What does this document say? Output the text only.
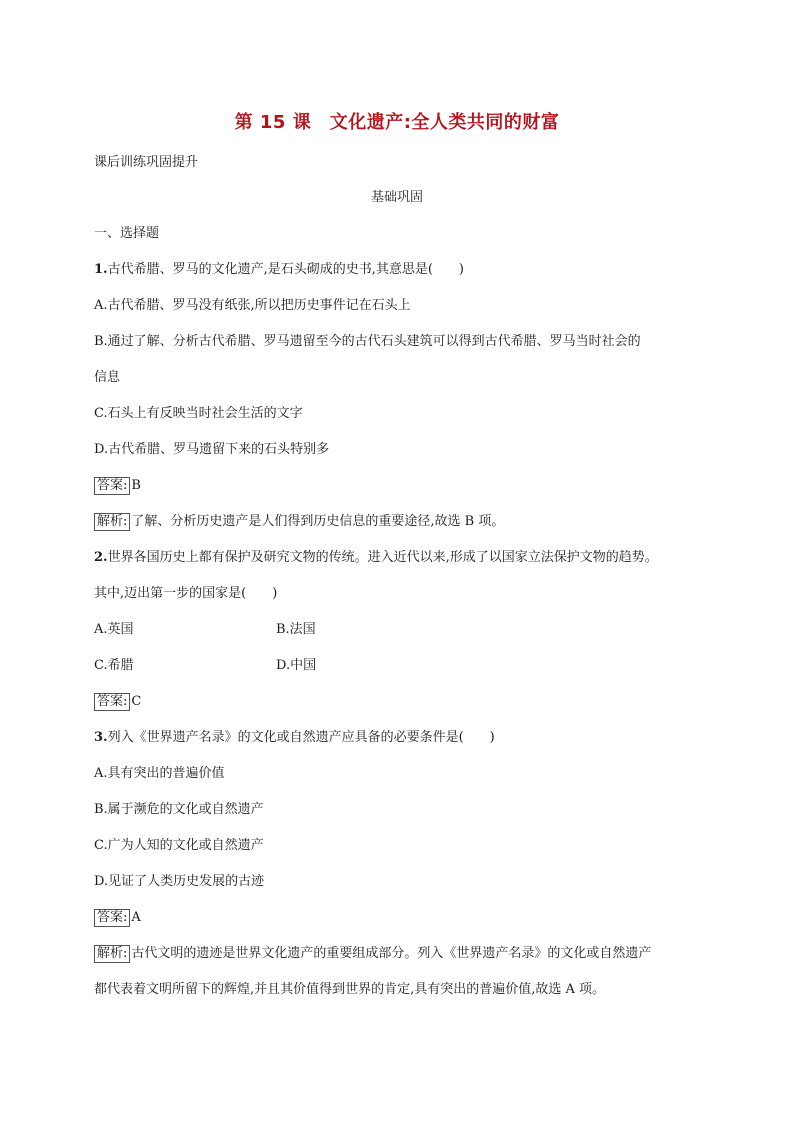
第 15 课　文化遗产:全人类共同的财富
课后训练巩固提升
基础巩固
一、选择题
1.古代希腊、罗马的文化遗产,是石头砌成的史书,其意思是(　　)
A.古代希腊、罗马没有纸张,所以把历史事件记在石头上
B.通过了解、分析古代希腊、罗马遗留至今的古代石头建筑可以得到古代希腊、罗马当时社会的
信息
C.石头上有反映当时社会生活的文字
D.古代希腊、罗马遗留下来的石头特别多
答案: B
解析: 了解、分析历史遗产是人们得到历史信息的重要途径,故选 B 项。
2.世界各国历史上都有保护及研究文物的传统。进入近代以来,形成了以国家立法保护文物的趋势。
其中,迈出第一步的国家是(　　)
A.英国	B.法国
C.希腊	D.中国
答案: C
3.列入《世界遗产名录》的文化或自然遗产应具备的必要条件是(　　)
A.具有突出的普遍价值
B.属于濒危的文化或自然遗产
C.广为人知的文化或自然遗产
D.见证了人类历史发展的古迹
答案: A
解析: 古代文明的遗迹是世界文化遗产的重要组成部分。列入《世界遗产名录》的文化或自然遗产
都代表着文明所留下的辉煌,并且其价值得到世界的肯定,具有突出的普遍价值,故选 A 项。
